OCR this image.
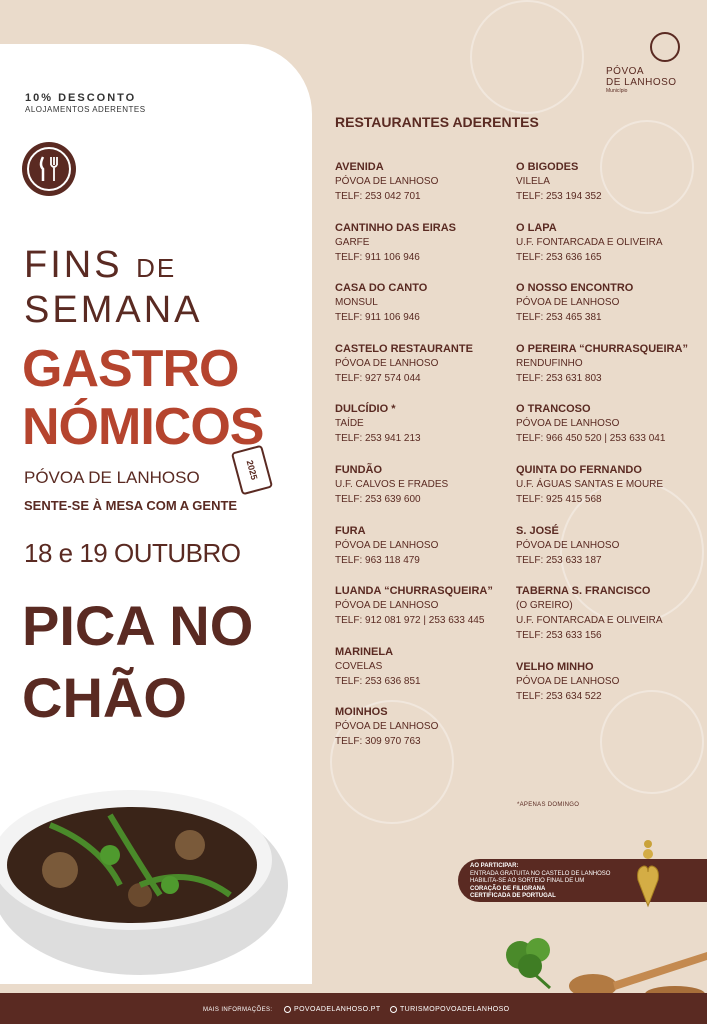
10% DESCONTO
ALOJAMENTOS ADERENTES
FINS DE
SEMANA
GASTRO
NÓMICOS
2025
PÓVOA DE LANHOSO
SENTE-SE À MESA COM A GENTE
18 e 19 OUTUBRO
PICA NO
CHÃO
PÓVOA
DE LANHOSO
Município
RESTAURANTES ADERENTES
AVENIDA
PÓVOA DE LANHOSO
TELF: 253 042 701
CANTINHO DAS EIRAS
GARFE
TELF: 911 106 946
CASA DO CANTO
MONSUL
TELF: 911 106 946
CASTELO RESTAURANTE
PÓVOA DE LANHOSO
TELF: 927 574 044
DULCÍDIO *
TAÍDE
TELF: 253 941 213
FUNDÃO
U.F. CALVOS E FRADES
TELF: 253 639 600
FURA
PÓVOA DE LANHOSO
TELF: 963 118 479
LUANDA “CHURRASQUEIRA”
PÓVOA DE LANHOSO
TELF: 912 081 972 | 253 633 445
MARINELA
COVELAS
TELF: 253 636 851
MOINHOS
PÓVOA DE LANHOSO
TELF: 309 970 763
O BIGODES
VILELA
TELF: 253 194 352
O LAPA
U.F. FONTARCADA E OLIVEIRA
TELF: 253 636 165
O NOSSO ENCONTRO
PÓVOA DE LANHOSO
TELF: 253 465 381
O PEREIRA “CHURRASQUEIRA”
RENDUFINHO
TELF: 253 631 803
O TRANCOSO
PÓVOA DE LANHOSO
TELF: 966 450 520 | 253 633 041
QUINTA DO FERNANDO
U.F. ÁGUAS SANTAS E MOURE
TELF: 925 415 568
S. JOSÉ
PÓVOA DE LANHOSO
TELF: 253 633 187
TABERNA S. FRANCISCO
(O GREIRO)
U.F. FONTARCADA E OLIVEIRA
TELF: 253 633 156
VELHO MINHO
PÓVOA DE LANHOSO
TELF: 253 634 522
*APENAS DOMINGO
AO PARTICIPAR:
ENTRADA GRATUITA NO CASTELO DE LANHOSO
HABILITA-SE AO SORTEIO FINAL DE UM
CORAÇÃO DE FILIGRANA
CERTIFICADA DE PORTUGAL
MAIS INFORMAÇÕES:	POVOADELANHOSO.PT	TURISMOPOVOADELANHOSO
